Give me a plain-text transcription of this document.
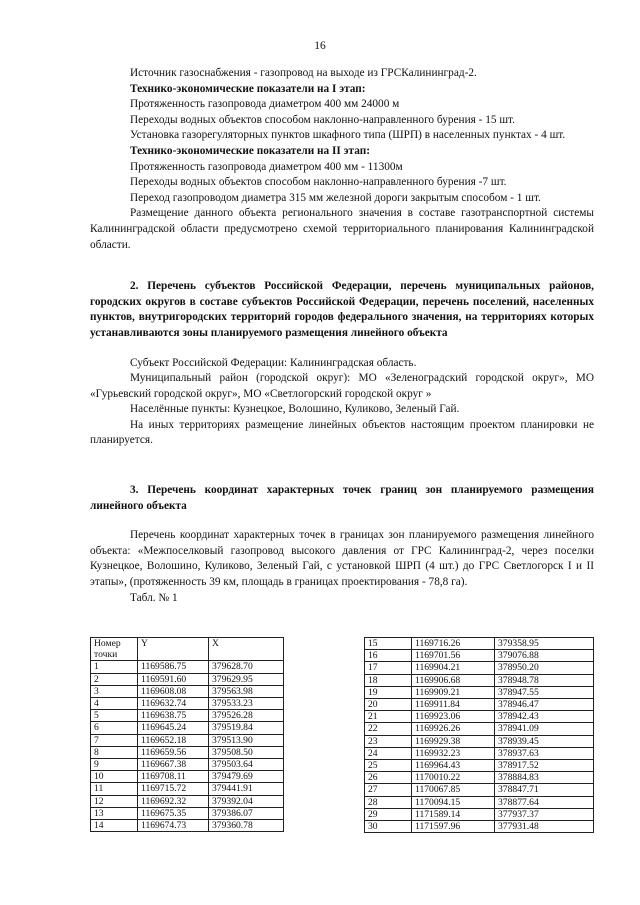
16

Источник газоснабжения - газопровод на выходе из ГРСКалининград-2.

Технико-экономические показатели на I этап:

Протяженность газопровода диаметром 400 мм 24000 м

Переходы водных объектов способом наклонно-направленного бурения - 15 шт.

Установка газорегуляторных пунктов шкафного типа (ШРП) в населенных пунктах - 4 шт.

Технико-экономические показатели на II этап:

Протяженность газопровода диаметром 400 мм - 11300м

Переходы водных объектов способом наклонно-направленного бурения -7 шт.

Переход газопроводом диаметра 315 мм железной дороги закрытым способом - 1 шт.

Размещение данного объекта регионального значения в составе газотранспортной системы Калининградской области предусмотрено схемой территориального планирования Калининградской области.

2. Перечень субъектов Российской Федерации, перечень муниципальных районов, городских округов в составе субъектов Российской Федерации, перечень поселений, населенных пунктов, внутригородских территорий городов федерального значения, на территориях которых устанавливаются зоны планируемого размещения линейного объекта

Субъект Российской Федерации: Калининградская область.

Муниципальный район (городской округ): МО «Зеленоградский городской округ», МО «Гурьевский городской округ», МО «Светлогорский городской округ »

Населённые пункты: Кузнецкое, Волошино, Куликово, Зеленый Гай.

На иных территориях размещение линейных объектов настоящим проектом планировки не планируется.

3. Перечень координат характерных точек границ зон планируемого размещения линейного объекта

Перечень координат характерных точек в границах зон планируемого размещения линейного объекта: «Межпоселковый газопровод высокого давления от ГРС Калининград-2, через поселки Кузнецкое, Волошино, Куликово, Зеленый Гай, с установкой ШРП (4 шт.) до ГРС Светлогорск I и II этапы», (протяженность 39 км, площадь в границах проектирования - 78,8 га).

Табл. № 1

Номер точки	Y	X
1	1169586.75	379628.70
2	1169591.60	379629.95
3	1169608.08	379563.98
4	1169632.74	379533.23
5	1169638.75	379526.28
6	1169645.24	379519.84
7	1169652.18	379513.90
8	1169659.56	379508.50
9	1169667.38	379503.64
10	1169708.11	379479.69
11	1169715.72	379441.91
12	1169692.32	379392.04
13	1169675.35	379386.07
14	1169674.73	379360.78
15	1169716.26	379358.95
16	1169701.56	379076.88
17	1169904.21	378950.20
18	1169906.68	378948.78
19	1169909.21	378947.55
20	1169911.84	378946.47
21	1169923.06	378942.43
22	1169926.26	378941.09
23	1169929.38	378939.45
24	1169932.23	378937.63
25	1169964.43	378917.52
26	1170010.22	378884.83
27	1170067.85	378847.71
28	1170094.15	378877.64
29	1171589.14	377937.37
30	1171597.96	377931.48
